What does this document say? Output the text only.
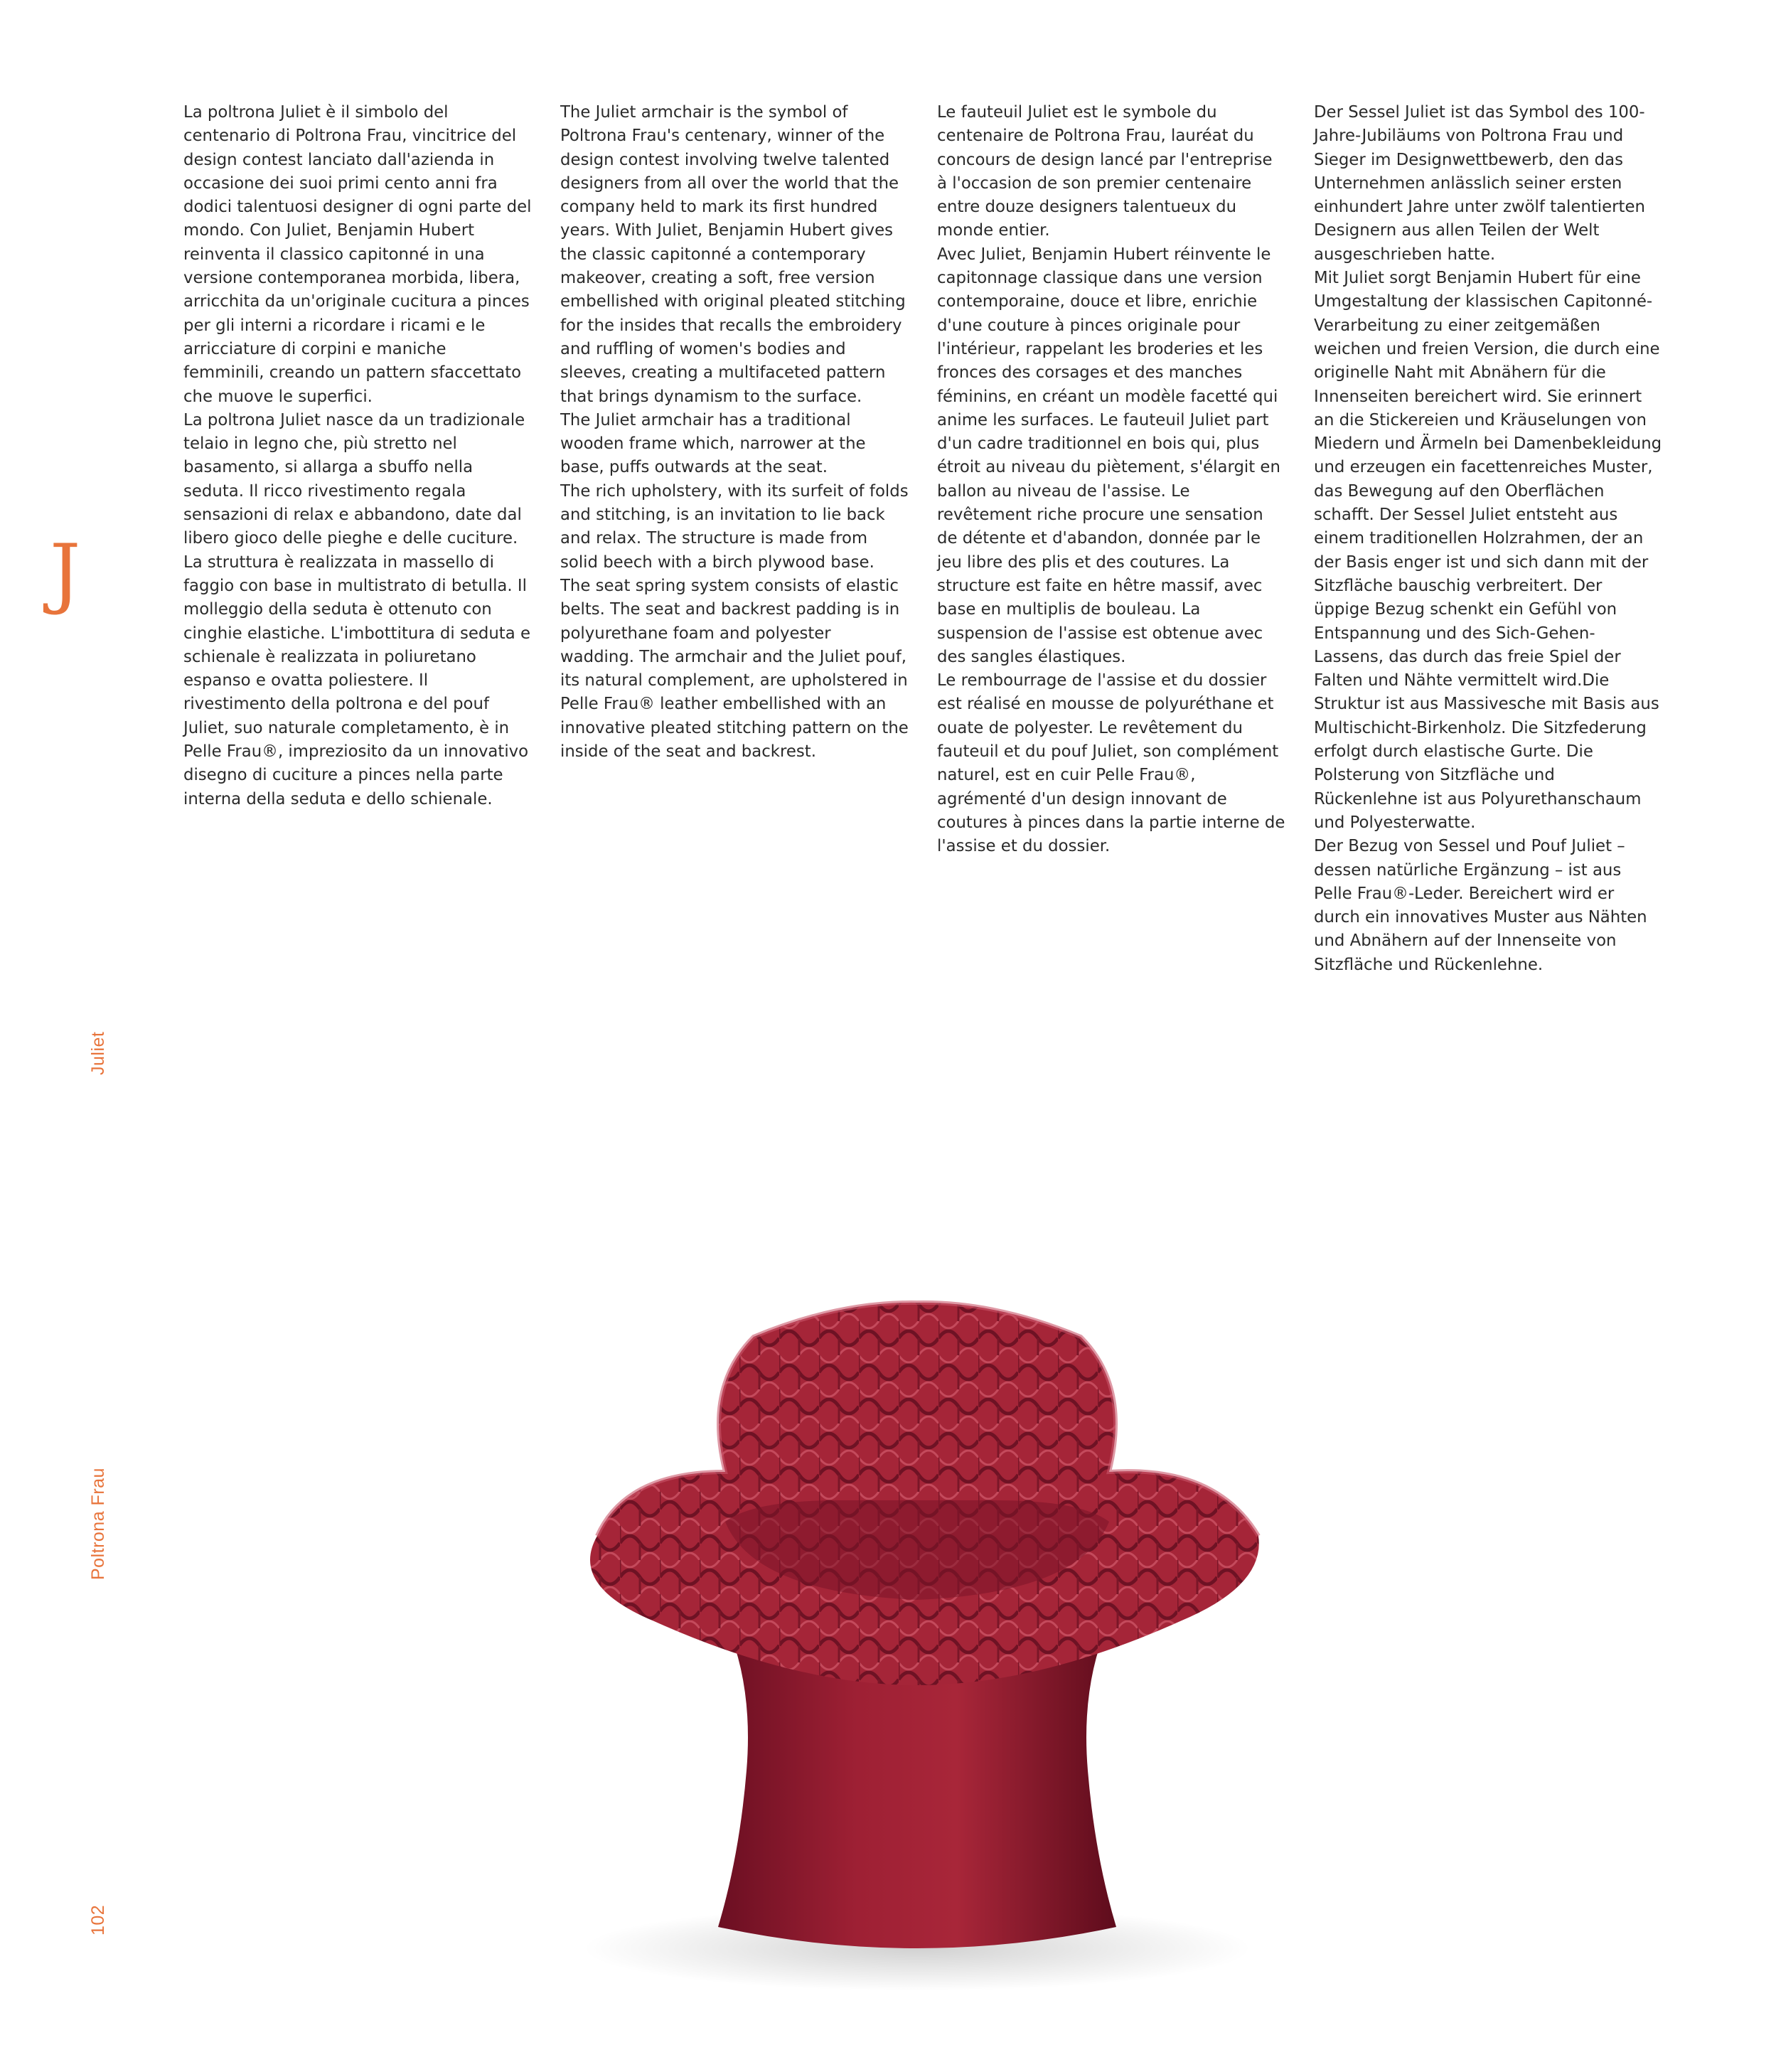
J
Juliet
Poltrona Frau
102

La poltrona Juliet è il simbolo del centenario di Poltrona Frau, vincitrice del design contest lanciato dall'azienda in occasione dei suoi primi cento anni fra dodici talentuosi designer di ogni parte del mondo. Con Juliet, Benjamin Hubert reinventa il classico capitonné in una versione contemporanea morbida, libera, arricchita da un'originale cucitura a pinces per gli interni a ricordare i ricami e le arricciature di corpini e maniche femminili, creando un pattern sfaccettato che muove le superfici.

La poltrona Juliet nasce da un tradizionale telaio in legno che, più stretto nel basamento, si allarga a sbuffo nella seduta. Il ricco rivestimento regala sensazioni di relax e abbandono, date dal libero gioco delle pieghe e delle cuciture. La struttura è realizzata in massello di faggio con base in multistrato di betulla. Il molleggio della seduta è ottenuto con cinghie elastiche. L'imbottitura di seduta e schienale è realizzata in poliuretano espanso e ovatta poliestere. Il rivestimento della poltrona e del pouf Juliet, suo naturale completamento, è in Pelle Frau®, impreziosito da un innovativo disegno di cuciture a pinces nella parte interna della seduta e dello schienale.

The Juliet armchair is the symbol of Poltrona Frau's centenary, winner of the design contest involving twelve talented designers from all over the world that the company held to mark its first hundred years. With Juliet, Benjamin Hubert gives the classic capitonné a contemporary makeover, creating a soft, free version embellished with original pleated stitching for the insides that recalls the embroidery and ruffling of women's bodies and sleeves, creating a multifaceted pattern that brings dynamism to the surface.

The Juliet armchair has a traditional wooden frame which, narrower at the base, puffs outwards at the seat.

The rich upholstery, with its surfeit of folds and stitching, is an invitation to lie back and relax. The structure is made from solid beech with a birch plywood base. The seat spring system consists of elastic belts. The seat and backrest padding is in polyurethane foam and polyester wadding. The armchair and the Juliet pouf, its natural complement, are upholstered in Pelle Frau® leather embellished with an innovative pleated stitching pattern on the inside of the seat and backrest.

Le fauteuil Juliet est le symbole du centenaire de Poltrona Frau, lauréat du concours de design lancé par l'entreprise à l'occasion de son premier centenaire entre douze designers talentueux du monde entier.

Avec Juliet, Benjamin Hubert réinvente le capitonnage classique dans une version contemporaine, douce et libre, enrichie d'une couture à pinces originale pour l'intérieur, rappelant les broderies et les fronces des corsages et des manches féminins, en créant un modèle facetté qui anime les surfaces. Le fauteuil Juliet part d'un cadre traditionnel en bois qui, plus étroit au niveau du piètement, s'élargit en ballon au niveau de l'assise. Le revêtement riche procure une sensation de détente et d'abandon, donnée par le jeu libre des plis et des coutures. La structure est faite en hêtre massif, avec base en multiplis de bouleau. La suspension de l'assise est obtenue avec des sangles élastiques.

Le rembourrage de l'assise et du dossier est réalisé en mousse de polyuréthane et ouate de polyester. Le revêtement du fauteuil et du pouf Juliet, son complément naturel, est en cuir Pelle Frau®, agrémenté d'un design innovant de coutures à pinces dans la partie interne de l'assise et du dossier.

Der Sessel Juliet ist das Symbol des 100-Jahre-Jubiläums von Poltrona Frau und Sieger im Designwettbewerb, den das Unternehmen anlässlich seiner ersten einhundert Jahre unter zwölf talentierten Designern aus allen Teilen der Welt ausgeschrieben hatte.

Mit Juliet sorgt Benjamin Hubert für eine Umgestaltung der klassischen Capitonné-Verarbeitung zu einer zeitgemäßen weichen und freien Version, die durch eine originelle Naht mit Abnähern für die Innenseiten bereichert wird. Sie erinnert an die Stickereien und Kräuselungen von Miedern und Ärmeln bei Damenbekleidung und erzeugen ein facettenreiches Muster, das Bewegung auf den Oberflächen schafft. Der Sessel Juliet entsteht aus einem traditionellen Holzrahmen, der an der Basis enger ist und sich dann mit der Sitzfläche bauschig verbreitert. Der üppige Bezug schenkt ein Gefühl von Entspannung und des Sich-Gehen-Lassens, das durch das freie Spiel der Falten und Nähte vermittelt wird.Die Struktur ist aus Massivesche mit Basis aus Multischicht-Birkenholz. Die Sitzfederung erfolgt durch elastische Gurte. Die Polsterung von Sitzfläche und Rückenlehne ist aus Polyurethanschaum und Polyesterwatte.

Der Bezug von Sessel und Pouf Juliet – dessen natürliche Ergänzung – ist aus Pelle Frau®-Leder. Bereichert wird er durch ein innovatives Muster aus Nähten und Abnähern auf der Innenseite von Sitzfläche und Rückenlehne.
